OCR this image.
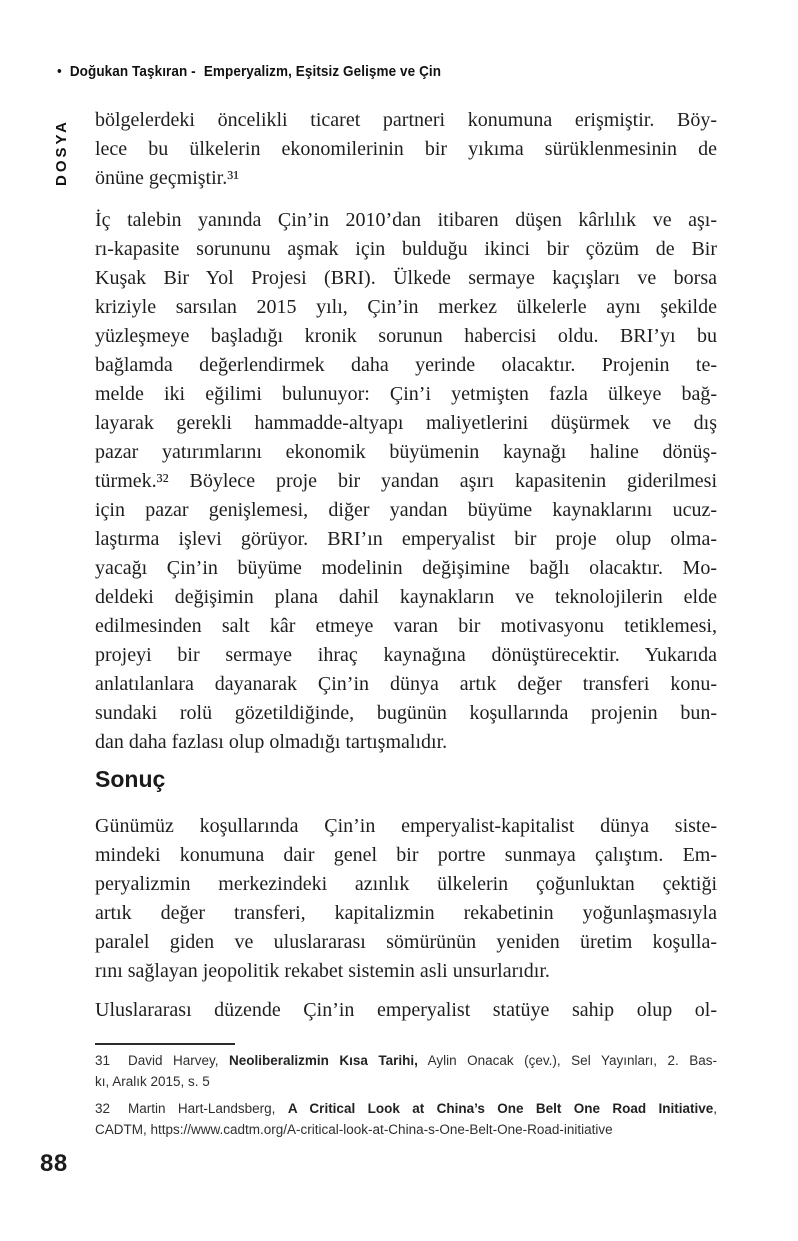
• Doğukan Taşkıran - Emperyalizm, Eşitsiz Gelişme ve Çin
DOSYA bölgelerdeki öncelikli ticaret partneri konumuna erişmiştir. Böy-
lece bu ülkelerin ekonomilerinin bir yıkıma sürüklenmesinin de
önüne geçmiştir.³¹
İç talebin yanında Çin’in 2010’dan itibaren düşen kârlılık ve aşı-
rı-kapasite sorununu aşmak için bulduğu ikinci bir çözüm de Bir
Kuşak Bir Yol Projesi (BRI). Ülkede sermaye kaçışları ve borsa
kriziyle sarsılan 2015 yılı, Çin’in merkez ülkelerle aynı şekilde
yüzleşmeye başladığı kronik sorunun habercisi oldu. BRI’yı bu
bağlamda değerlendirmek daha yerinde olacaktır. Projenin te-
melde iki eğilimi bulunuyor: Çin’i yetmişten fazla ülkeye bağ-
layarak gerekli hammadde-altyapı maliyetlerini düşürmek ve dış
pazar yatırımlarını ekonomik büyümenin kaynağı haline dönüş-
türmek.³² Böylece proje bir yandan aşırı kapasitenin giderilmesi
için pazar genişlemesi, diğer yandan büyüme kaynaklarını ucuz-
laştırma işlevi görüyor. BRI’ın emperyalist bir proje olup olma-
yacağı Çin’in büyüme modelinin değişimine bağlı olacaktır. Mo-
deldeki değişimin plana dahil kaynakların ve teknolojilerin elde
edilmesinden salt kâr etmeye varan bir motivasyonu tetiklemesi,
projeyi bir sermaye ihraç kaynağına dönüştürecektir. Yukarıda
anlatılanlara dayanarak Çin’in dünya artık değer transferi konu-
sundaki rolü gözetildiğinde, bugünün koşullarında projenin bun-
dan daha fazlası olup olmadığı tartışmalıdır.
Sonuç
Günümüz koşullarında Çin’in emperyalist-kapitalist dünya siste-
mindeki konumuna dair genel bir portre sunmaya çalıştım. Em-
peryalizmin merkezindeki azınlık ülkelerin çoğunluktan çektiği
artık değer transferi, kapitalizmin rekabetinin yoğunlaşmasıyla
paralel giden ve uluslararası sömürünün yeniden üretim koşulla-
rını sağlayan jeopolitik rekabet sistemin asli unsurlarıdır.
Uluslararası düzende Çin’in emperyalist statüye sahip olup ol-
31 David Harvey, Neoliberalizmin Kısa Tarihi, Aylin Onacak (çev.), Sel Yayınları, 2. Bas-
kı, Aralık 2015, s. 5
32 Martin Hart-Landsberg, A Critical Look at China’s One Belt One Road Initiative,
CADTM, https://www.cadtm.org/A-critical-look-at-China-s-One-Belt-One-Road-initiative
88
